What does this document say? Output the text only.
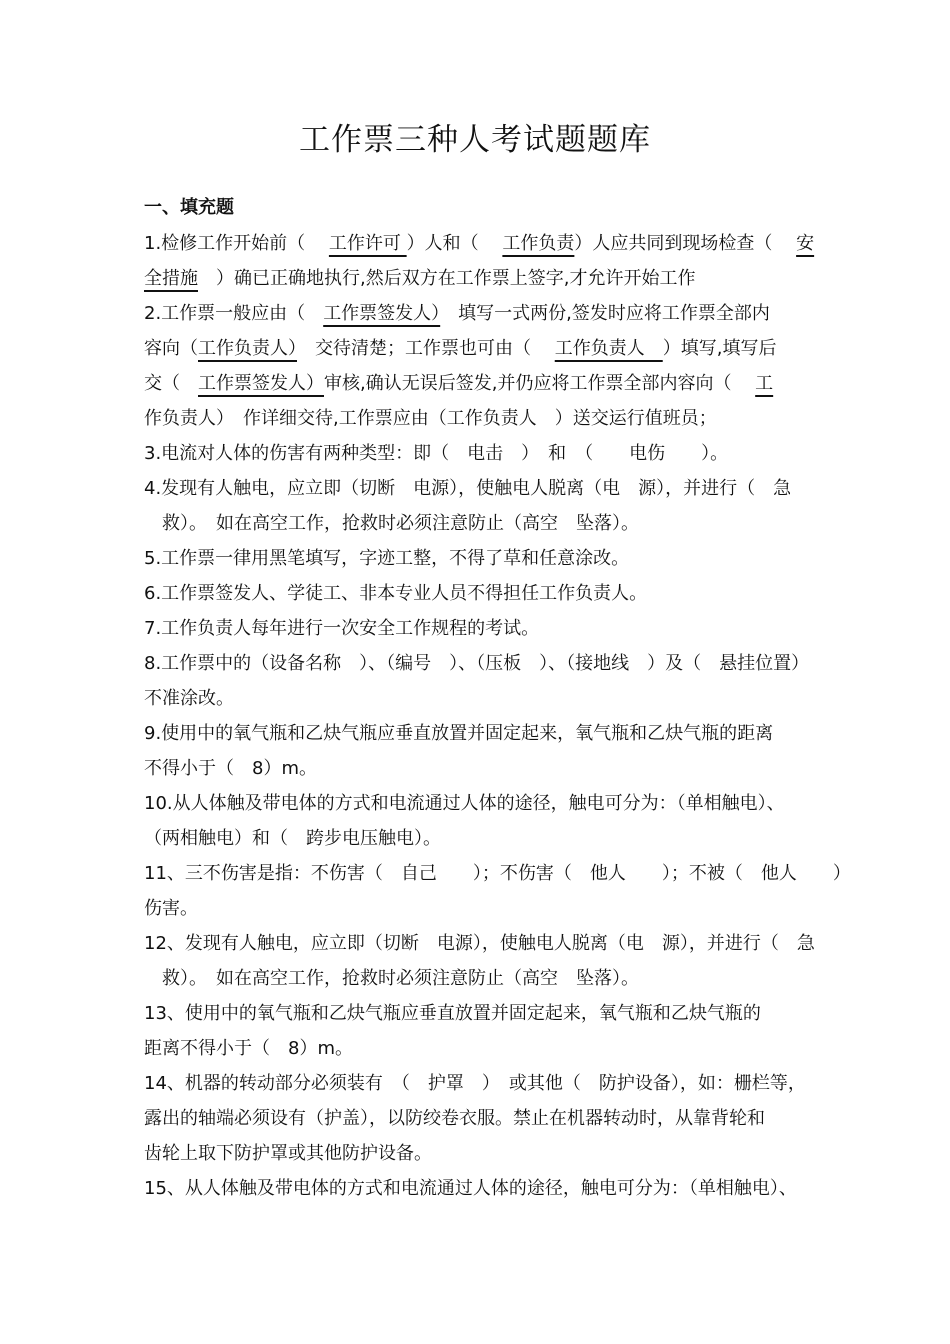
工作票三种人考试题题库
一、填充题
1.检修工作开始前（　 工作许可 ）人和（　 工作负责）人应共同到现场检查（　 安
全措施　）确已正确地执行,然后双方在工作票上签字,才允许开始工作
2.工作票一般应由（　工作票签发人）　填写一式两份,签发时应将工作票全部内
容向（工作负责人）　交待清楚；工作票也可由（　 工作负责人　）填写,填写后
交（　工作票签发人）审核,确认无误后签发,并仍应将工作票全部内容向（　 工
作负责人）　作详细交待,工作票应由（工作负责人　）送交运行值班员；
3.电流对人体的伤害有两种类型：即（　电击　）　和　（　　电伤　　）。
4.发现有人触电，应立即（切断　电源），使触电人脱离（电　源），并进行（　急
　救）。　如在高空工作，抢救时必须注意防止（高空　坠落）。
5.工作票一律用黑笔填写，字迹工整，不得了草和任意涂改。
6.工作票签发人、学徒工、非本专业人员不得担任工作负责人。
7.工作负责人每年进行一次安全工作规程的考试。
8.工作票中的（设备名称　）、（编号　）、（压板　）、（接地线　）及（　悬挂位置）
不准涂改。
9.使用中的氧气瓶和乙炔气瓶应垂直放置并固定起来，氧气瓶和乙炔气瓶的距离
不得小于（　8）m。
10.从人体触及带电体的方式和电流通过人体的途径，触电可分为：（单相触电）、
（两相触电）和（　跨步电压触电）。
11、三不伤害是指：不伤害（　自己　　）；不伤害（　他人　　）；不被（　他人　　）
伤害。
12、发现有人触电，应立即（切断　电源），使触电人脱离（电　源），并进行（　急
　救）。　如在高空工作，抢救时必须注意防止（高空　坠落）。
13、使用中的氧气瓶和乙炔气瓶应垂直放置并固定起来，氧气瓶和乙炔气瓶的
距离不得小于（　8）m。
14、机器的转动部分必须装有　（　护罩　）　或其他（　防护设备），如：栅栏等，
露出的轴端必须设有（护盖），以防绞卷衣服。禁止在机器转动时，从靠背轮和
齿轮上取下防护罩或其他防护设备。
15、从人体触及带电体的方式和电流通过人体的途径，触电可分为：（单相触电）、
